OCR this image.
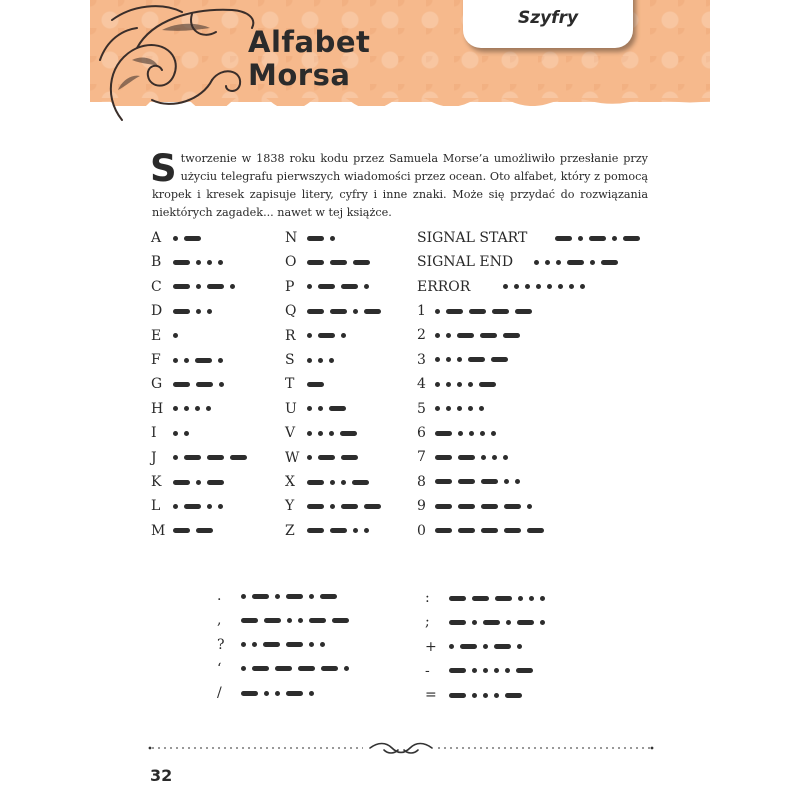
Alfabet
Morsa
Szyfry

Stworzenie w 1838 roku kodu przez Samuela Morse’a umożliwiło przesłanie przy użyciu telegrafu pierwszych wiadomości przez ocean. Oto alfabet, który z pomocą kropek i kresek zapisuje litery, cyfry i inne znaki. Może się przydać do rozwiązania niektórych zagadek... nawet w tej książce.

A
B
C
D
E
F
G
H
I
J
K
L
M
N
O
P
Q
R
S
T
U
V
W
X
Y
Z
SIGNAL START
SIGNAL END
ERROR
1
2
3
4
5
6
7
8
9
0
.
,
?
‘
/
:
;
+
-
=
32
